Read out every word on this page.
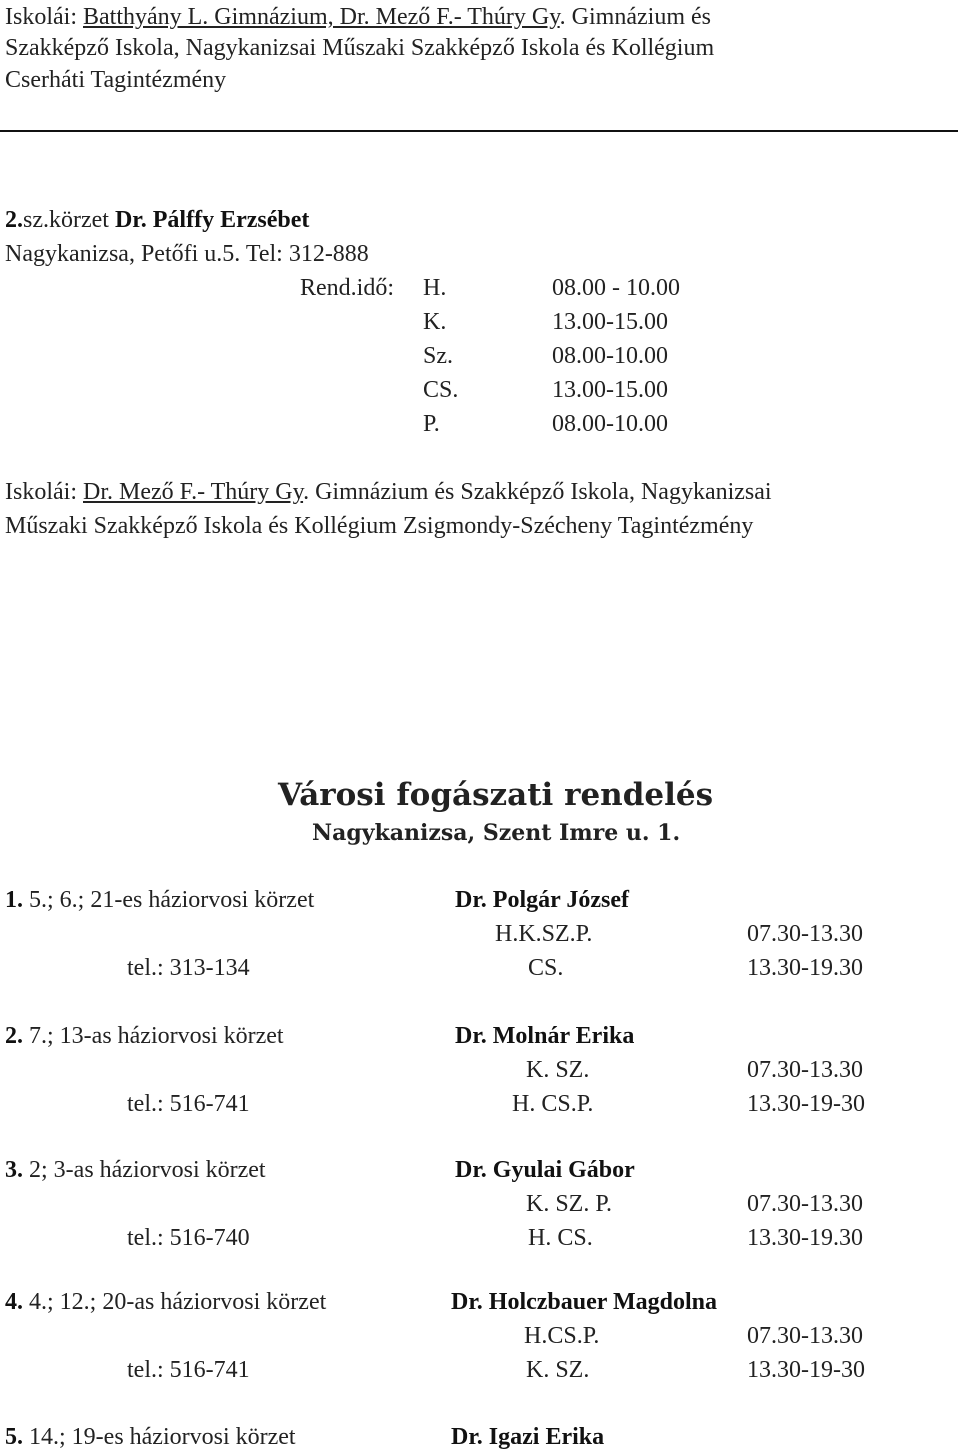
Iskolái: Batthyány L. Gimnázium, Dr. Mező F.- Thúry Gy. Gimnázium és
Szakképző Iskola, Nagykanizsai Műszaki Szakképző Iskola és Kollégium
Cserháti Tagintézmény
2.sz.körzet Dr. Pálffy Erzsébet
Nagykanizsa, Petőfi u.5. Tel: 312-888
Rend.idő: H.	08.00 - 10.00
K.	13.00-15.00
Sz.	08.00-10.00
CS.	13.00-15.00
P.	08.00-10.00
Iskolái: Dr. Mező F.- Thúry Gy. Gimnázium és Szakképző Iskola, Nagykanizsai
Műszaki Szakképző Iskola és Kollégium Zsigmondy-Szécheny Tagintézmény
Városi fogászati rendelés
Nagykanizsa, Szent Imre u. 1.
1. 5.; 6.; 21-es háziorvosi körzet	Dr. Polgár József
H.K.SZ.P.	07.30-13.30
tel.: 313-134	CS.	13.30-19.30
2. 7.; 13-as háziorvosi körzet	Dr. Molnár Erika
K. SZ.	07.30-13.30
tel.: 516-741	H. CS.P.	13.30-19-30
3. 2; 3-as háziorvosi körzet	Dr. Gyulai Gábor
K. SZ. P.	07.30-13.30
tel.: 516-740	H. CS.	13.30-19.30
4. 4.; 12.; 20-as háziorvosi körzet	Dr. Holczbauer Magdolna
H.CS.P.	07.30-13.30
tel.: 516-741	K. SZ.	13.30-19-30
5. 14.; 19-es háziorvosi körzet	Dr. Igazi Erika
